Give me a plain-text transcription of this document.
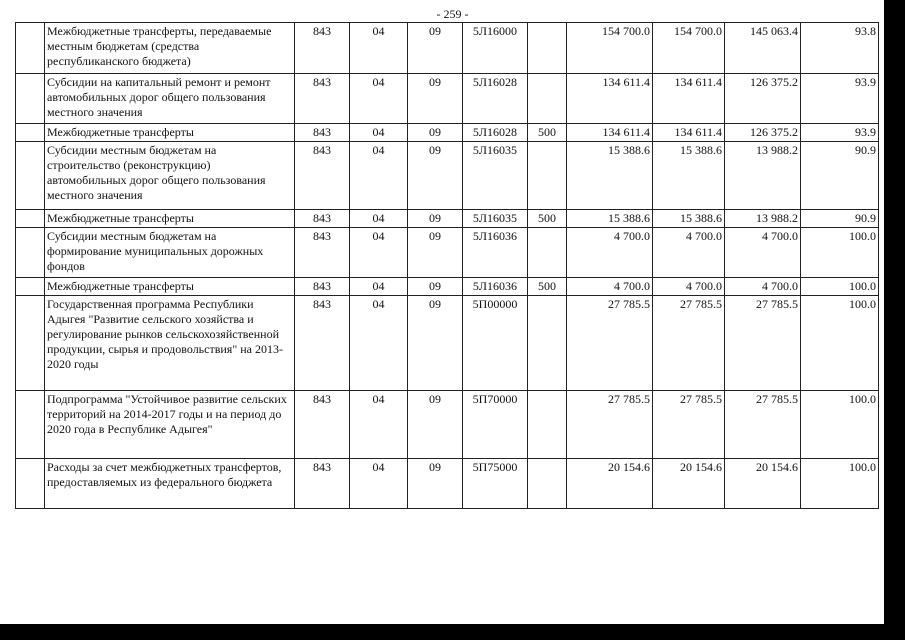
- 259 -
	Межбюджетные трансферты, передаваемые местным бюджетам (средства республиканского бюджета)	843	04	09	5Л16000		154 700.0	154 700.0	145 063.4	93.8
	Субсидии на капитальный ремонт и ремонт автомобильных дорог общего пользования местного значения	843	04	09	5Л16028		134 611.4	134 611.4	126 375.2	93.9
	Межбюджетные трансферты	843	04	09	5Л16028	500	134 611.4	134 611.4	126 375.2	93.9
	Субсидии местным бюджетам на строительство (реконструкцию) автомобильных дорог общего пользования местного значения	843	04	09	5Л16035		15 388.6	15 388.6	13 988.2	90.9
	Межбюджетные трансферты	843	04	09	5Л16035	500	15 388.6	15 388.6	13 988.2	90.9
	Субсидии местным бюджетам на формирование муниципальных дорожных фондов	843	04	09	5Л16036		4 700.0	4 700.0	4 700.0	100.0
	Межбюджетные трансферты	843	04	09	5Л16036	500	4 700.0	4 700.0	4 700.0	100.0
	Государственная программа Республики Адыгея "Развитие сельского хозяйства и регулирование рынков сельскохозяйственной продукции, сырья и продовольствия" на 2013-2020 годы	843	04	09	5П00000		27 785.5	27 785.5	27 785.5	100.0
	Подпрограмма "Устойчивое развитие сельских территорий на 2014-2017 годы и на период до 2020 года в Республике Адыгея"	843	04	09	5П70000		27 785.5	27 785.5	27 785.5	100.0
	Расходы за счет межбюджетных трансфертов, предоставляемых из федерального бюджета	843	04	09	5П75000		20 154.6	20 154.6	20 154.6	100.0
